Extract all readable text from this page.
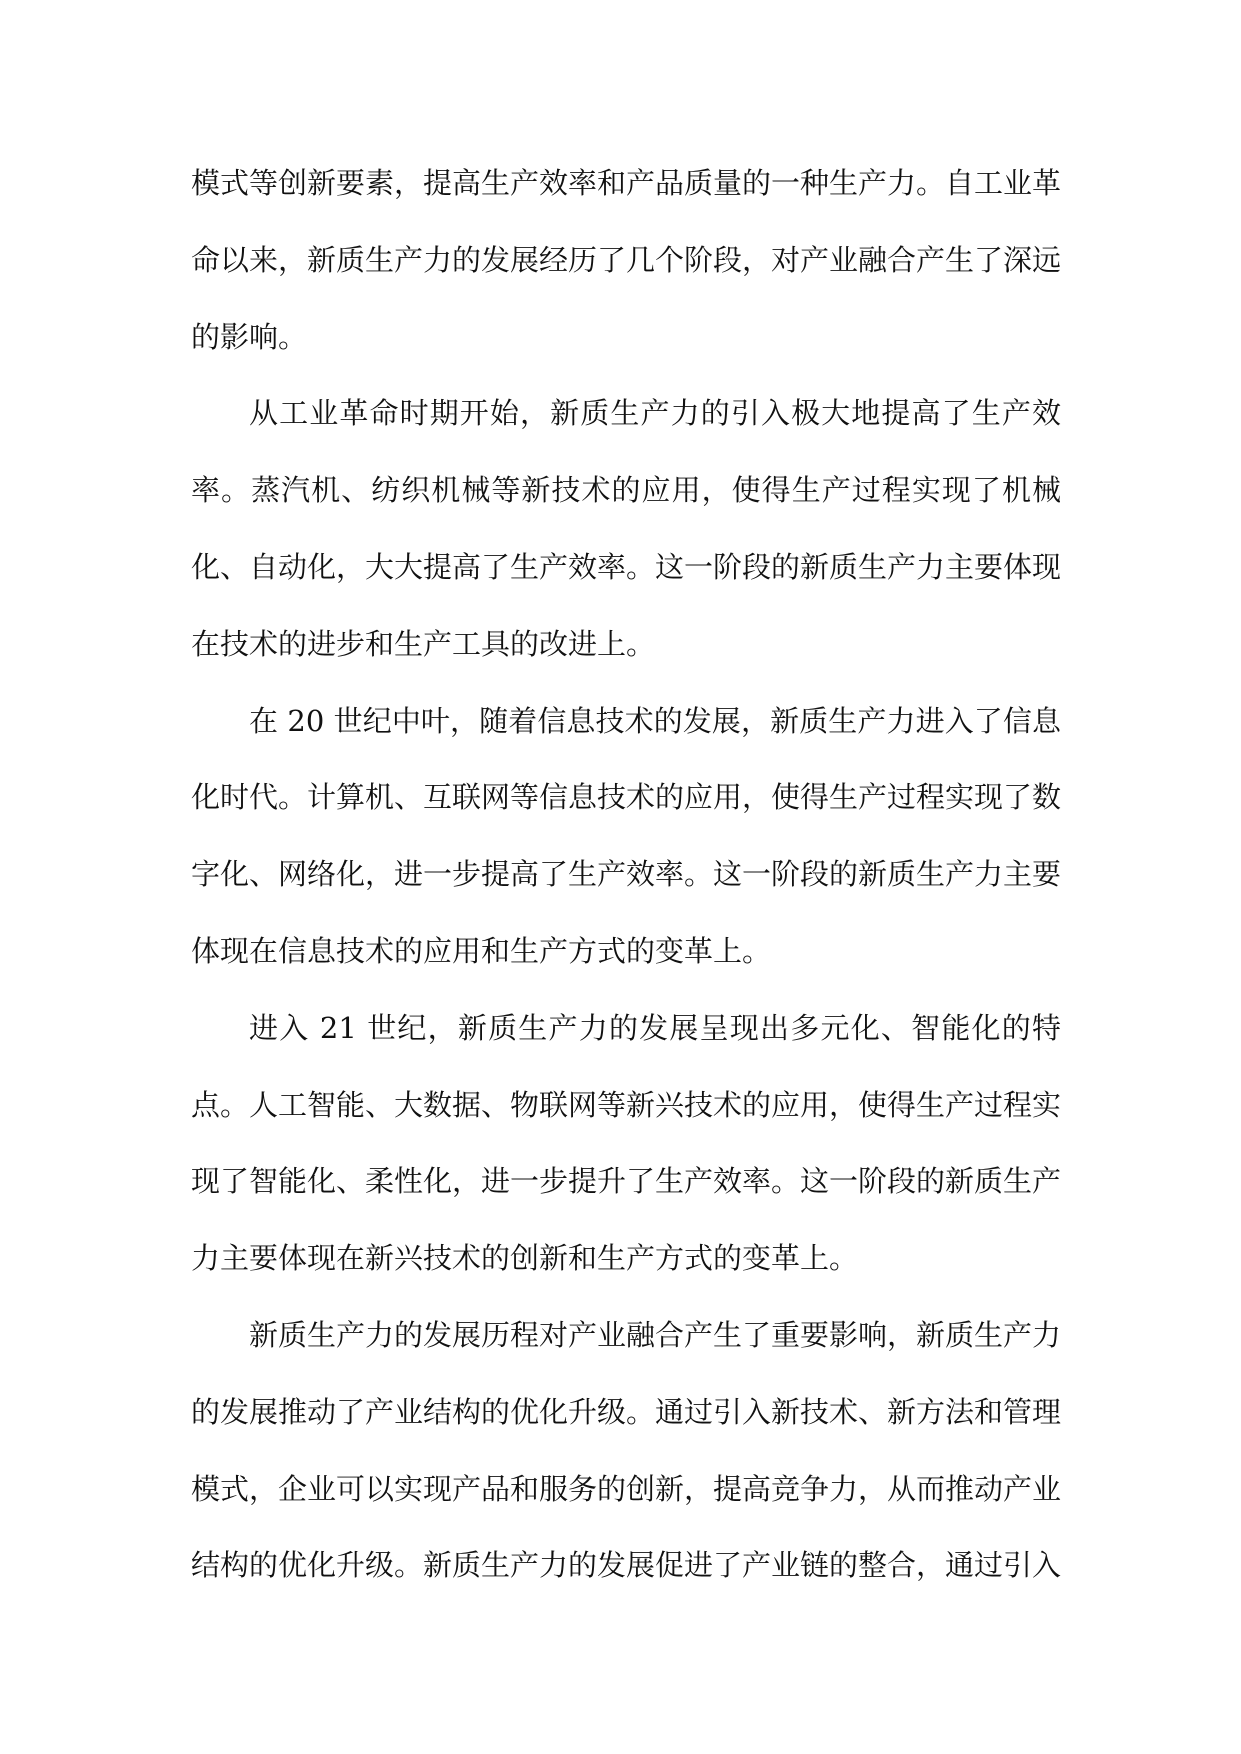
模式等创新要素，提高生产效率和产品质量的一种生产力。自工业革命以来，新质生产力的发展经历了几个阶段，对产业融合产生了深远的影响。

从工业革命时期开始，新质生产力的引入极大地提高了生产效率。蒸汽机、纺织机械等新技术的应用，使得生产过程实现了机械化、自动化，大大提高了生产效率。这一阶段的新质生产力主要体现在技术的进步和生产工具的改进上。

在 20 世纪中叶，随着信息技术的发展，新质生产力进入了信息化时代。计算机、互联网等信息技术的应用，使得生产过程实现了数字化、网络化，进一步提高了生产效率。这一阶段的新质生产力主要体现在信息技术的应用和生产方式的变革上。

进入 21 世纪，新质生产力的发展呈现出多元化、智能化的特点。人工智能、大数据、物联网等新兴技术的应用，使得生产过程实现了智能化、柔性化，进一步提升了生产效率。这一阶段的新质生产力主要体现在新兴技术的创新和生产方式的变革上。

新质生产力的发展历程对产业融合产生了重要影响，新质生产力的发展推动了产业结构的优化升级。通过引入新技术、新方法和管理模式，企业可以实现产品和服务的创新，提高竞争力，从而推动产业结构的优化升级。新质生产力的发展促进了产业链的整合，通过引入
